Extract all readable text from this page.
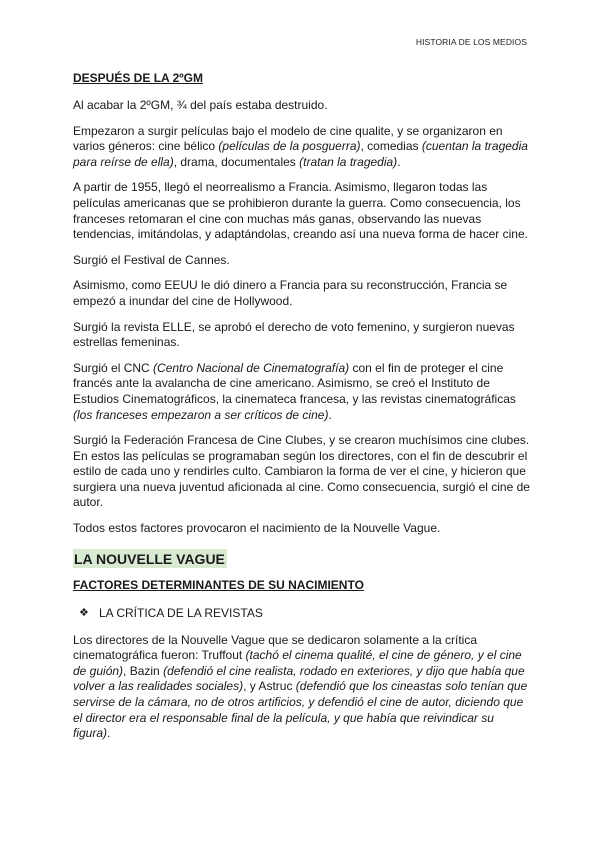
HISTORIA DE LOS MEDIOS
DESPUÉS DE LA 2ºGM

Al acabar la 2ºGM, ¾ del país estaba destruido.

Empezaron a surgir películas bajo el modelo de cine qualite, y se organizaron en varios géneros: cine bélico (películas de la posguerra), comedias (cuentan la tragedia para reírse de ella), drama, documentales (tratan la tragedia).

A partir de 1955, llegó el neorrealismo a Francia. Asimismo, llegaron todas las películas americanas que se prohibieron durante la guerra. Como consecuencia, los franceses retomaran el cine con muchas más ganas, observando las nuevas tendencias, imitándolas, y adaptándolas, creando así una nueva forma de hacer cine.

Surgió el Festival de Cannes.

Asimismo, como EEUU le dió dinero a Francia para su reconstrucción, Francia se empezó a inundar del cine de Hollywood.

Surgió la revista ELLE, se aprobó el derecho de voto femenino, y surgieron nuevas estrellas femeninas.

Surgió el CNC (Centro Nacional de Cinematografía) con el fin de proteger el cine francés ante la avalancha de cine americano. Asimismo, se creó el Instituto de Estudios Cinematográficos, la cinemateca francesa, y las revistas cinematográficas (los franceses empezaron a ser críticos de cine).

Surgió la Federación Francesa de Cine Clubes, y se crearon muchísimos cine clubes. En estos las películas se programaban según los directores, con el fin de descubrir el estilo de cada uno y rendirles culto. Cambiaron la forma de ver el cine, y hicieron que surgiera una nueva juventud aficionada al cine. Como consecuencia, surgió el cine de autor.

Todos estos factores provocaron el nacimiento de la Nouvelle Vague.

LA NOUVELLE VAGUE
FACTORES DETERMINANTES DE SU NACIMIENTO
❖ LA CRÍTICA DE LA REVISTAS

Los directores de la Nouvelle Vague que se dedicaron solamente a la crítica cinematográfica fueron: Truffout (tachó el cinema qualité, el cine de género, y el cine de guión), Bazin (defendió el cine realista, rodado en exteriores, y dijo que había que volver a las realidades sociales), y Astruc (defendió que los cineastas solo tenían que servirse de la cámara, no de otros artificios, y defendió el cine de autor, diciendo que el director era el responsable final de la película, y que había que reivindicar su figura).
